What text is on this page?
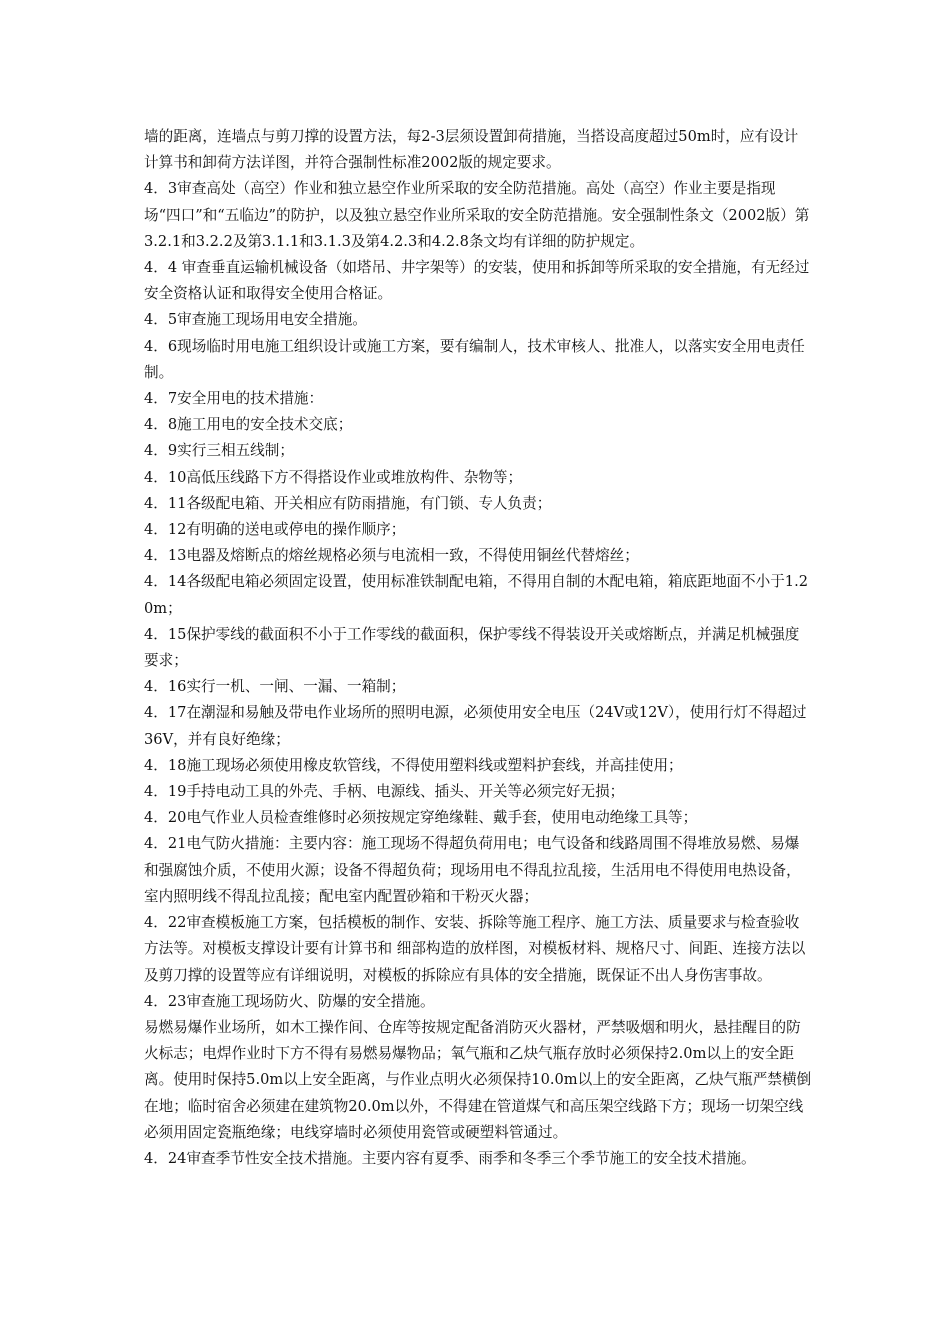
墙的距离，连墙点与剪刀撑的设置方法，每2-3层须设置卸荷措施，当搭设高度超过50m时，应有设计计算书和卸荷方法详图，并符合强制性标准2002版的规定要求。

4．3审查高处（高空）作业和独立悬空作业所采取的安全防范措施。高处（高空）作业主要是指现场“四口”和“五临边”的防护，以及独立悬空作业所采取的安全防范措施。安全强制性条文（2002版）第3.2.1和3.2.2及第3.1.1和3.1.3及第4.2.3和4.2.8条文均有详细的防护规定。

4．4 审查垂直运输机械设备（如塔吊、井字架等）的安装，使用和拆卸等所采取的安全措施，有无经过安全资格认证和取得安全使用合格证。

4．5审查施工现场用电安全措施。

4．6现场临时用电施工组织设计或施工方案，要有编制人，技术审核人、批准人，以落实安全用电责任制。

4．7安全用电的技术措施：

4．8施工用电的安全技术交底；

4．9实行三相五线制；

4．10高低压线路下方不得搭设作业或堆放构件、杂物等；

4．11各级配电箱、开关相应有防雨措施，有门锁、专人负责；

4．12有明确的送电或停电的操作顺序；

4．13电器及熔断点的熔丝规格必须与电流相一致，不得使用铜丝代替熔丝；

4．14各级配电箱必须固定设置，使用标准铁制配电箱，不得用自制的木配电箱，箱底距地面不小于1.20m；

4．15保护零线的截面积不小于工作零线的截面积，保护零线不得装设开关或熔断点，并满足机械强度要求；

4．16实行一机、一闸、一漏、一箱制；

4．17在潮湿和易触及带电作业场所的照明电源，必须使用安全电压（24V或12V），使用行灯不得超过36V，并有良好绝缘；

4．18施工现场必须使用橡皮软管线，不得使用塑料线或塑料护套线，并高挂使用；

4．19手持电动工具的外壳、手柄、电源线、插头、开关等必须完好无损；

4．20电气作业人员检查维修时必须按规定穿绝缘鞋、戴手套，使用电动绝缘工具等；

4．21电气防火措施：主要内容：施工现场不得超负荷用电；电气设备和线路周围不得堆放易燃、易爆和强腐蚀介质，不使用火源；设备不得超负荷；现场用电不得乱拉乱接，生活用电不得使用电热设备，室内照明线不得乱拉乱接；配电室内配置砂箱和干粉灭火器；

4．22审查模板施工方案，包括模板的制作、安装、拆除等施工程序、施工方法、质量要求与检查验收方法等。对模板支撑设计要有计算书和 细部构造的放样图，对模板材料、规格尺寸、间距、连接方法以及剪刀撑的设置等应有详细说明，对模板的拆除应有具体的安全措施，既保证不出人身伤害事故。

4．23审查施工现场防火、防爆的安全措施。

易燃易爆作业场所，如木工操作间、仓库等按规定配备消防灭火器材，严禁吸烟和明火，悬挂醒目的防火标志；电焊作业时下方不得有易燃易爆物品；氧气瓶和乙炔气瓶存放时必须保持2.0m以上的安全距离。使用时保持5.0m以上安全距离，与作业点明火必须保持10.0m以上的安全距离，乙炔气瓶严禁横倒在地；临时宿舍必须建在建筑物20.0m以外，不得建在管道煤气和高压架空线路下方；现场一切架空线必须用固定瓷瓶绝缘；电线穿墙时必须使用瓷管或硬塑料管通过。

4．24审查季节性安全技术措施。主要内容有夏季、雨季和冬季三个季节施工的安全技术措施。
